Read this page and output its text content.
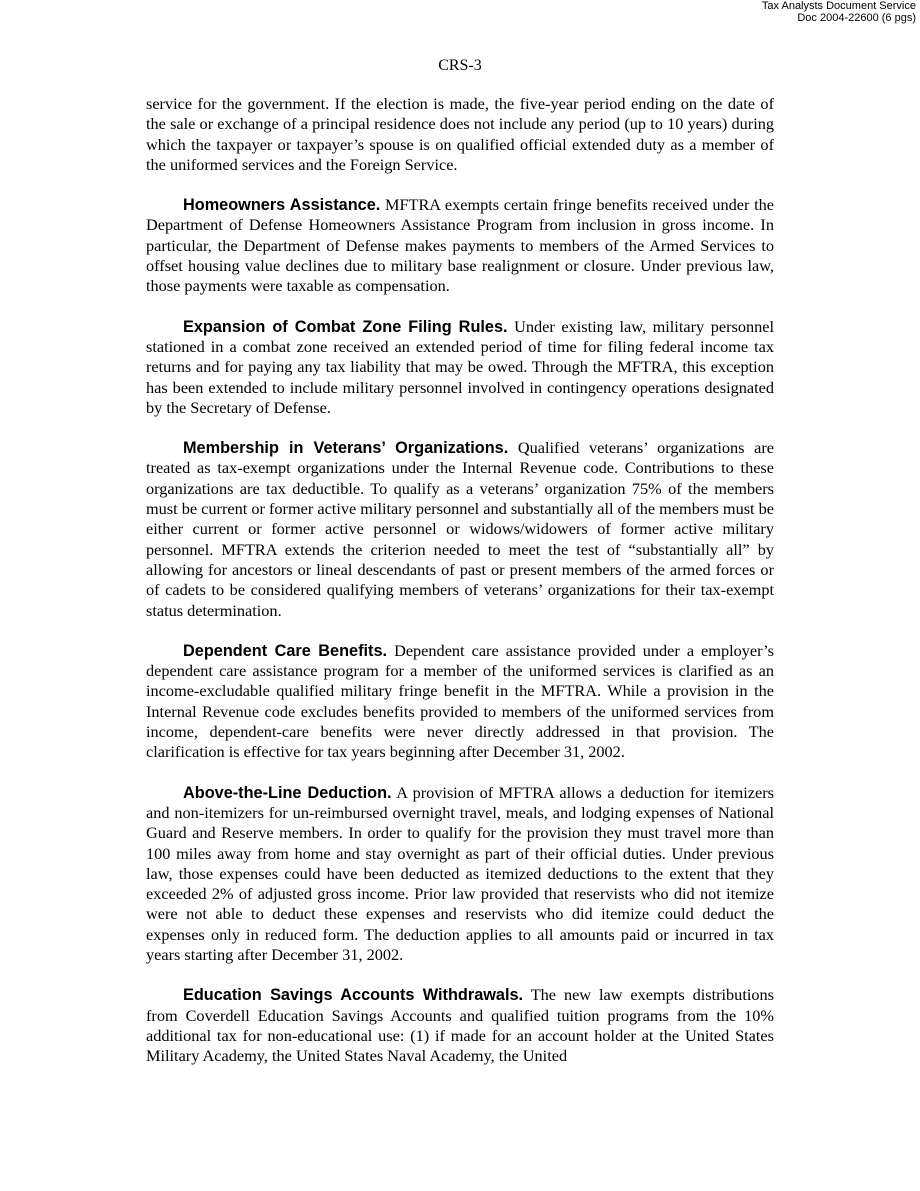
Tax Analysts Document Service
Doc 2004-22600 (6 pgs)
CRS-3

service for the government. If the election is made, the five-year period ending on the date of the sale or exchange of a principal residence does not include any period (up to 10 years) during which the taxpayer or taxpayer’s spouse is on qualified official extended duty as a member of the uniformed services and the Foreign Service.

Homeowners Assistance. MFTRA exempts certain fringe benefits received under the Department of Defense Homeowners Assistance Program from inclusion in gross income. In particular, the Department of Defense makes payments to members of the Armed Services to offset housing value declines due to military base realignment or closure. Under previous law, those payments were taxable as compensation.

Expansion of Combat Zone Filing Rules. Under existing law, military personnel stationed in a combat zone received an extended period of time for filing federal income tax returns and for paying any tax liability that may be owed. Through the MFTRA, this exception has been extended to include military personnel involved in contingency operations designated by the Secretary of Defense.

Membership in Veterans’ Organizations. Qualified veterans’ organizations are treated as tax-exempt organizations under the Internal Revenue code. Contributions to these organizations are tax deductible. To qualify as a veterans’ organization 75% of the members must be current or former active military personnel and substantially all of the members must be either current or former active personnel or widows/widowers of former active military personnel. MFTRA extends the criterion needed to meet the test of “substantially all” by allowing for ancestors or lineal descendants of past or present members of the armed forces or of cadets to be considered qualifying members of veterans’ organizations for their tax-exempt status determination.

Dependent Care Benefits. Dependent care assistance provided under a employer’s dependent care assistance program for a member of the uniformed services is clarified as an income-excludable qualified military fringe benefit in the MFTRA. While a provision in the Internal Revenue code excludes benefits provided to members of the uniformed services from income, dependent-care benefits were never directly addressed in that provision. The clarification is effective for tax years beginning after December 31, 2002.

Above-the-Line Deduction. A provision of MFTRA allows a deduction for itemizers and non-itemizers for un-reimbursed overnight travel, meals, and lodging expenses of National Guard and Reserve members. In order to qualify for the provision they must travel more than 100 miles away from home and stay overnight as part of their official duties. Under previous law, those expenses could have been deducted as itemized deductions to the extent that they exceeded 2% of adjusted gross income. Prior law provided that reservists who did not itemize were not able to deduct these expenses and reservists who did itemize could deduct the expenses only in reduced form. The deduction applies to all amounts paid or incurred in tax years starting after December 31, 2002.

Education Savings Accounts Withdrawals. The new law exempts distributions from Coverdell Education Savings Accounts and qualified tuition programs from the 10% additional tax for non-educational use: (1) if made for an account holder at the United States Military Academy, the United States Naval Academy, the United
